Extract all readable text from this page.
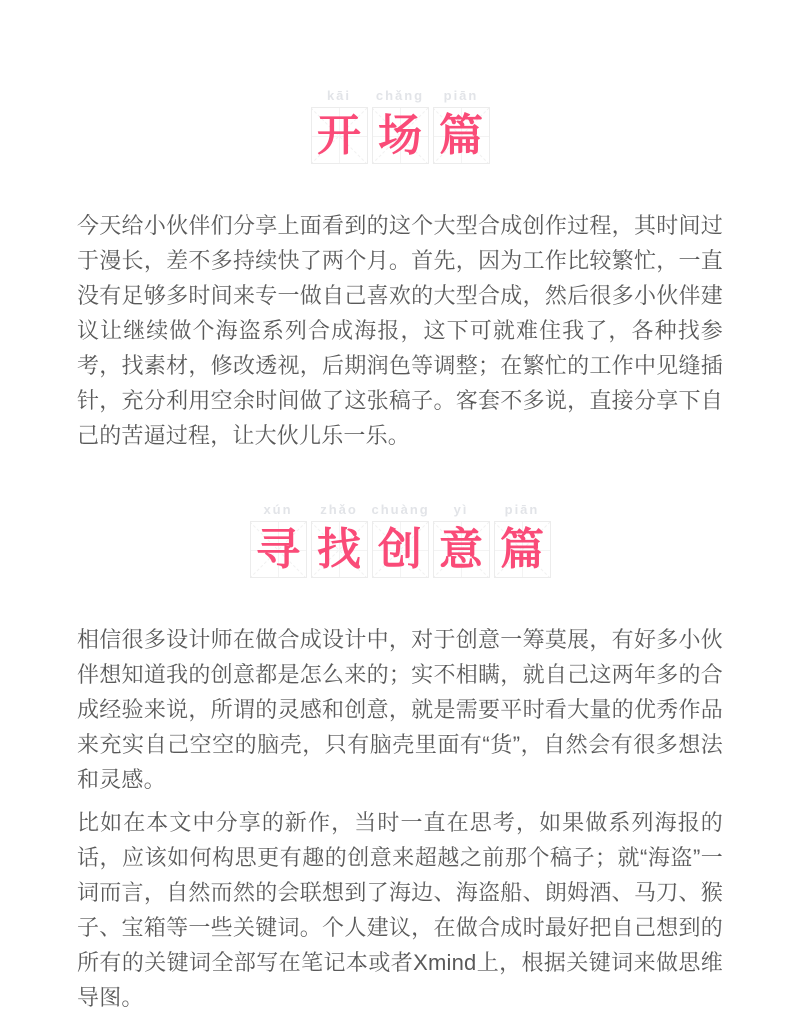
kāi	chǎng	piān
开 场 篇

今天给小伙伴们分享上面看到的这个大型合成创作过程，其时间过于漫长，差不多持续快了两个月。首先，因为工作比较繁忙，一直没有足够多时间来专一做自己喜欢的大型合成，然后很多小伙伴建议让继续做个海盗系列合成海报，这下可就难住我了，各种找参考，找素材，修改透视，后期润色等调整；在繁忙的工作中见缝插针，充分利用空余时间做了这张稿子。客套不多说，直接分享下自己的苦逼过程，让大伙儿乐一乐。

xún	zhǎo	chuàng	yì	piān
寻 找 创 意 篇

相信很多设计师在做合成设计中，对于创意一筹莫展，有好多小伙伴想知道我的创意都是怎么来的；实不相瞒，就自己这两年多的合成经验来说，所谓的灵感和创意，就是需要平时看大量的优秀作品来充实自己空空的脑壳，只有脑壳里面有“货”，自然会有很多想法和灵感。

比如在本文中分享的新作，当时一直在思考，如果做系列海报的话，应该如何构思更有趣的创意来超越之前那个稿子；就“海盗”一词而言，自然而然的会联想到了海边、海盗船、朗姆酒、马刀、猴子、宝箱等一些关键词。个人建议，在做合成时最好把自己想到的所有的关键词全部写在笔记本或者Xmind上，根据关键词来做思维导图。
